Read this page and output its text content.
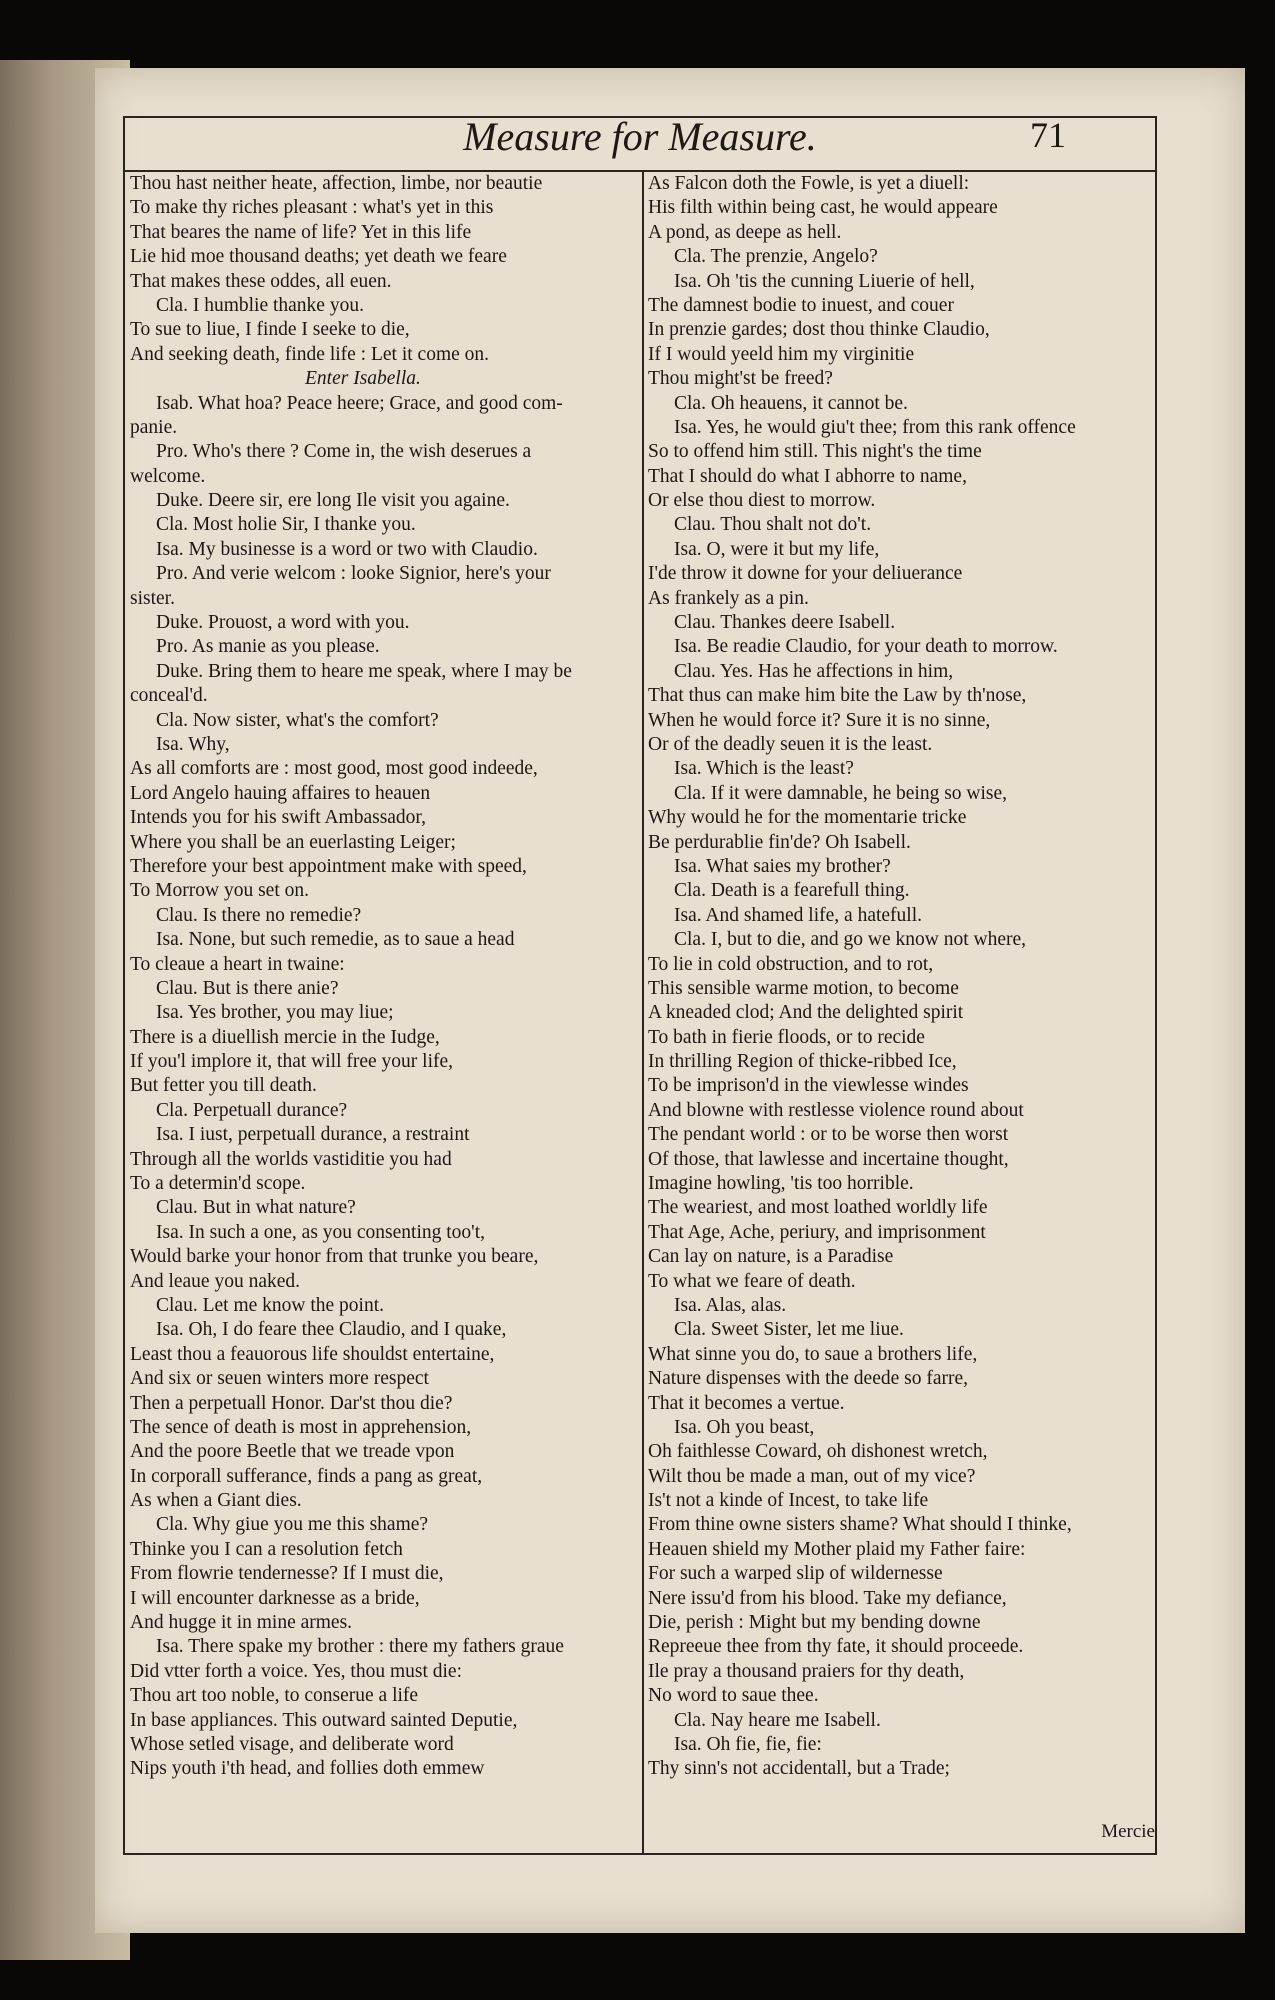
Measure for Measure.	71
Thou hast neither heate, affection, limbe, nor beautie
To make thy riches pleasant : what's yet in this
That beares the name of life? Yet in this life
Lie hid moe thousand deaths; yet death we feare
That makes these oddes, all euen.
Cla. I humblie thanke you.
To sue to liue, I finde I seeke to die,
And seeking death, finde life : Let it come on.
Enter Isabella.
Isab. What hoa? Peace heere; Grace, and good com-
panie.
Pro. Who's there ? Come in, the wish deserues a
welcome.
Duke. Deere sir, ere long Ile visit you againe.
Cla. Most holie Sir, I thanke you.
Isa. My businesse is a word or two with Claudio.
Pro. And verie welcom : looke Signior, here's your
sister.
Duke. Prouost, a word with you.
Pro. As manie as you please.
Duke. Bring them to heare me speak, where I may be
conceal'd.
Cla. Now sister, what's the comfort?
Isa. Why,
As all comforts are : most good, most good indeede,
Lord Angelo hauing affaires to heauen
Intends you for his swift Ambassador,
Where you shall be an euerlasting Leiger;
Therefore your best appointment make with speed,
To Morrow you set on.
Clau. Is there no remedie?
Isa. None, but such remedie, as to saue a head
To cleaue a heart in twaine:
Clau. But is there anie?
Isa. Yes brother, you may liue;
There is a diuellish mercie in the Iudge,
If you'l implore it, that will free your life,
But fetter you till death.
Cla. Perpetuall durance?
Isa. I iust, perpetuall durance, a restraint
Through all the worlds vastiditie you had
To a determin'd scope.
Clau. But in what nature?
Isa. In such a one, as you consenting too't,
Would barke your honor from that trunke you beare,
And leaue you naked.
Clau. Let me know the point.
Isa. Oh, I do feare thee Claudio, and I quake,
Least thou a feauorous life shouldst entertaine,
And six or seuen winters more respect
Then a perpetuall Honor. Dar'st thou die?
The sence of death is most in apprehension,
And the poore Beetle that we treade vpon
In corporall sufferance, finds a pang as great,
As when a Giant dies.
Cla. Why giue you me this shame?
Thinke you I can a resolution fetch
From flowrie tendernesse? If I must die,
I will encounter darknesse as a bride,
And hugge it in mine armes.
Isa. There spake my brother : there my fathers graue
Did vtter forth a voice. Yes, thou must die:
Thou art too noble, to conserue a life
In base appliances. This outward sainted Deputie,
Whose setled visage, and deliberate word
Nips youth i'th head, and follies doth emmew
As Falcon doth the Fowle, is yet a diuell:
His filth within being cast, he would appeare
A pond, as deepe as hell.
Cla. The prenzie, Angelo?
Isa. Oh 'tis the cunning Liuerie of hell,
The damnest bodie to inuest, and couer
In prenzie gardes; dost thou thinke Claudio,
If I would yeeld him my virginitie
Thou might'st be freed?
Cla. Oh heauens, it cannot be.
Isa. Yes, he would giu't thee; from this rank offence
So to offend him still. This night's the time
That I should do what I abhorre to name,
Or else thou diest to morrow.
Clau. Thou shalt not do't.
Isa. O, were it but my life,
I'de throw it downe for your deliuerance
As frankely as a pin.
Clau. Thankes deere Isabell.
Isa. Be readie Claudio, for your death to morrow.
Clau. Yes. Has he affections in him,
That thus can make him bite the Law by th'nose,
When he would force it? Sure it is no sinne,
Or of the deadly seuen it is the least.
Isa. Which is the least?
Cla. If it were damnable, he being so wise,
Why would he for the momentarie tricke
Be perdurablie fin'de? Oh Isabell.
Isa. What saies my brother?
Cla. Death is a fearefull thing.
Isa. And shamed life, a hatefull.
Cla. I, but to die, and go we know not where,
To lie in cold obstruction, and to rot,
This sensible warme motion, to become
A kneaded clod; And the delighted spirit
To bath in fierie floods, or to recide
In thrilling Region of thicke-ribbed Ice,
To be imprison'd in the viewlesse windes
And blowne with restlesse violence round about
The pendant world : or to be worse then worst
Of those, that lawlesse and incertaine thought,
Imagine howling, 'tis too horrible.
The weariest, and most loathed worldly life
That Age, Ache, periury, and imprisonment
Can lay on nature, is a Paradise
To what we feare of death.
Isa. Alas, alas.
Cla. Sweet Sister, let me liue.
What sinne you do, to saue a brothers life,
Nature dispenses with the deede so farre,
That it becomes a vertue.
Isa. Oh you beast,
Oh faithlesse Coward, oh dishonest wretch,
Wilt thou be made a man, out of my vice?
Is't not a kinde of Incest, to take life
From thine owne sisters shame? What should I thinke,
Heauen shield my Mother plaid my Father faire:
For such a warped slip of wildernesse
Nere issu'd from his blood. Take my defiance,
Die, perish : Might but my bending downe
Repreeue thee from thy fate, it should proceede.
Ile pray a thousand praiers for thy death,
No word to saue thee.
Cla. Nay heare me Isabell.
Isa. Oh fie, fie, fie:
Thy sinn's not accidentall, but a Trade;
Mercie
